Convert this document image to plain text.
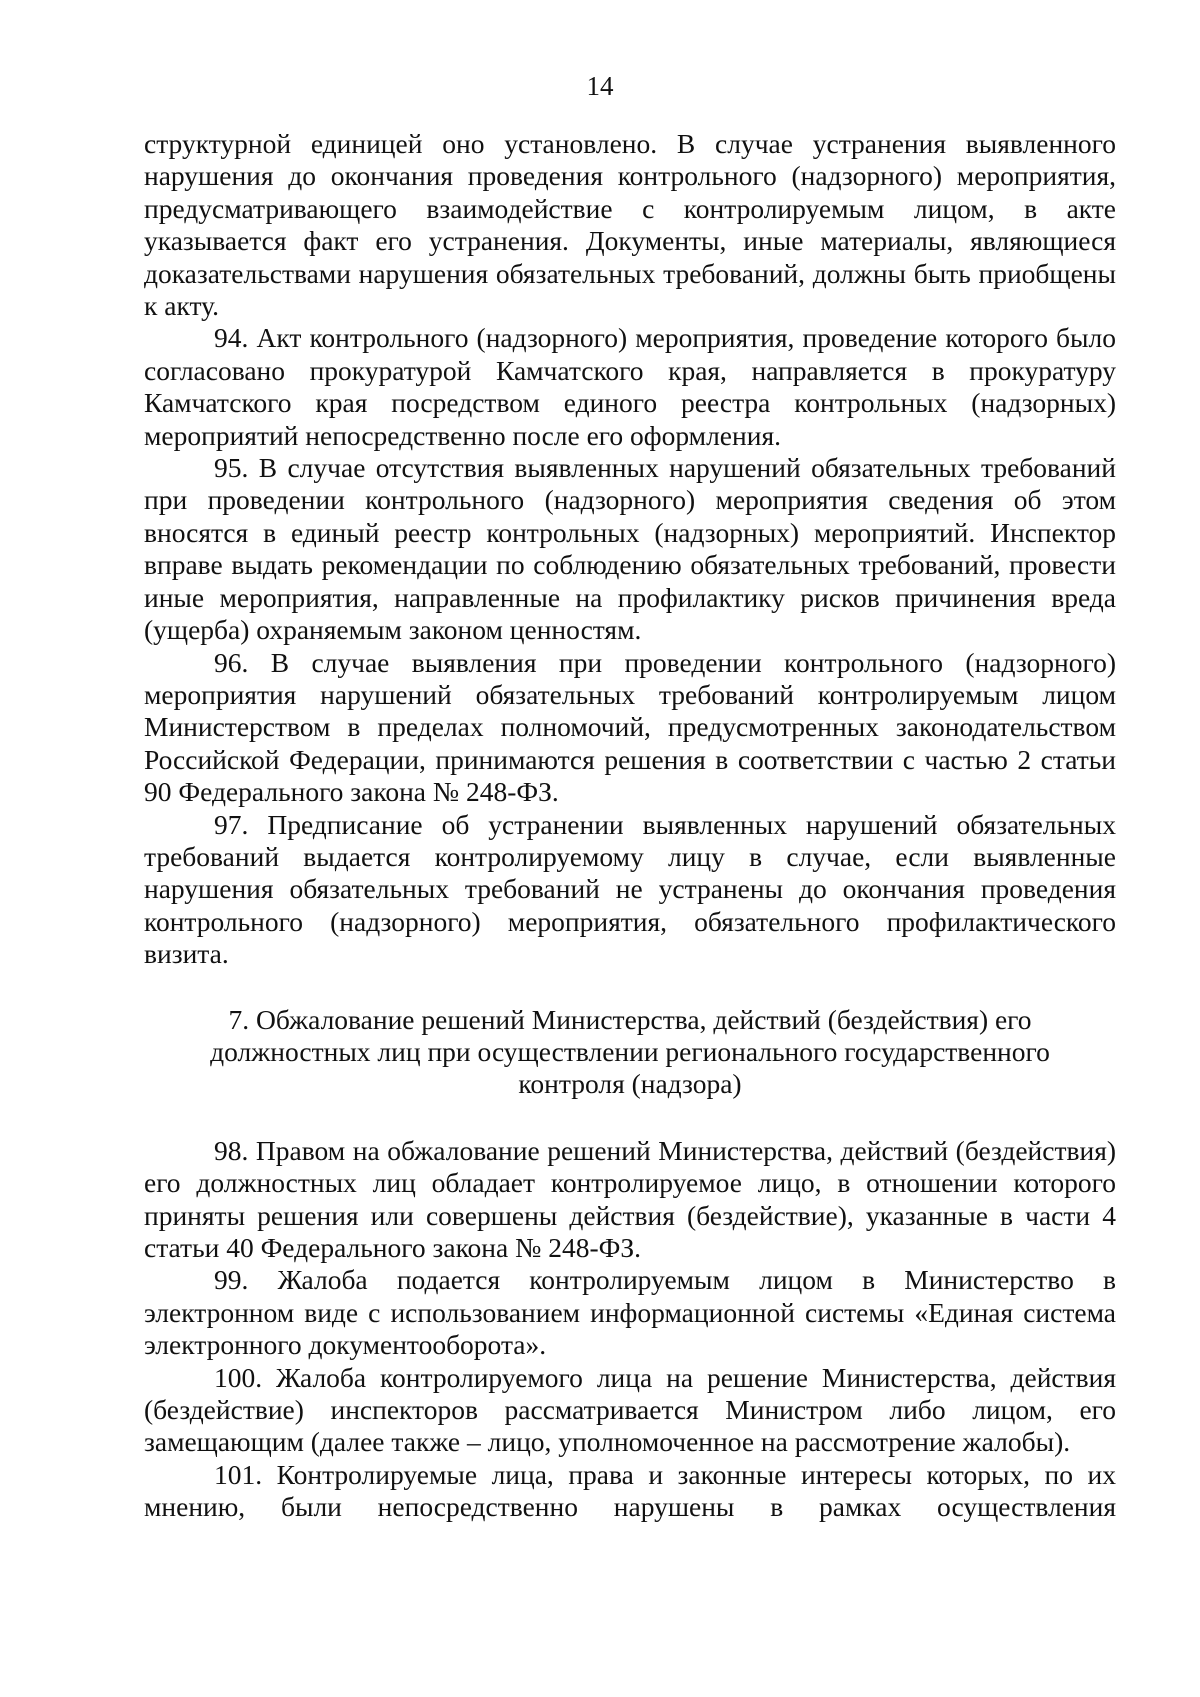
14

структурной единицей оно установлено. В случае устранения выявленного нарушения до окончания проведения контрольного (надзорного) мероприятия, предусматривающего взаимодействие с контролируемым лицом, в акте указывается факт его устранения. Документы, иные материалы, являющиеся доказательствами нарушения обязательных требований, должны быть приобщены к акту.

94. Акт контрольного (надзорного) мероприятия, проведение которого было согласовано прокуратурой Камчатского края, направляется в прокуратуру Камчатского края посредством единого реестра контрольных (надзорных) мероприятий непосредственно после его оформления.

95. В случае отсутствия выявленных нарушений обязательных требований при проведении контрольного (надзорного) мероприятия сведения об этом вносятся в единый реестр контрольных (надзорных) мероприятий. Инспектор вправе выдать рекомендации по соблюдению обязательных требований, провести иные мероприятия, направленные на профилактику рисков причинения вреда (ущерба) охраняемым законом ценностям.

96. В случае выявления при проведении контрольного (надзорного) мероприятия нарушений обязательных требований контролируемым лицом Министерством в пределах полномочий, предусмотренных законодательством Российской Федерации, принимаются решения в соответствии с частью 2 статьи 90 Федерального закона № 248-ФЗ.

97. Предписание об устранении выявленных нарушений обязательных требований выдается контролируемому лицу в случае, если выявленные нарушения обязательных требований не устранены до окончания проведения контрольного (надзорного) мероприятия, обязательного профилактического визита.

7. Обжалование решений Министерства, действий (бездействия) его
должностных лиц при осуществлении регионального государственного
контроля (надзора)

98. Правом на обжалование решений Министерства, действий (бездействия) его должностных лиц обладает контролируемое лицо, в отношении которого приняты решения или совершены действия (бездействие), указанные в части 4 статьи 40 Федерального закона № 248-ФЗ.

99. Жалоба подается контролируемым лицом в Министерство в электронном виде с использованием информационной системы «Единая система электронного документооборота».

100. Жалоба контролируемого лица на решение Министерства, действия (бездействие) инспекторов рассматривается Министром либо лицом, его замещающим (далее также – лицо, уполномоченное на рассмотрение жалобы).

101. Контролируемые лица, права и законные интересы которых, по их мнению, были непосредственно нарушены в рамках осуществления
